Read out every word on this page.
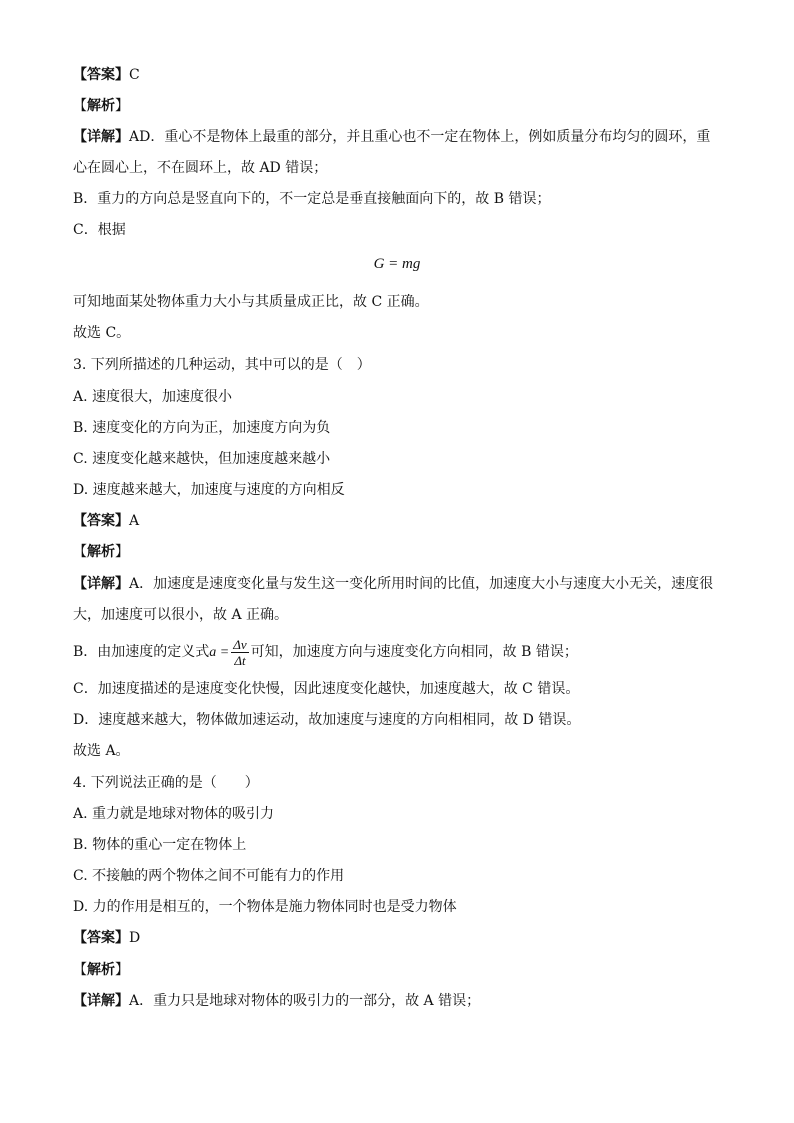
【答案】C
【解析】
【详解】AD．重心不是物体上最重的部分，并且重心也不一定在物体上，例如质量分布均匀的圆环，重
心在圆心上，不在圆环上，故 AD 错误；
B．重力的方向总是竖直向下的，不一定总是垂直接触面向下的，故 B 错误；
C．根据
G = mg
可知地面某处物体重力大小与其质量成正比，故 C 正确。
故选 C。
3. 下列所描述的几种运动，其中可以的是（　）
A. 速度很大，加速度很小
B. 速度变化的方向为正，加速度方向为负
C. 速度变化越来越快，但加速度越来越小
D. 速度越来越大，加速度与速度的方向相反
【答案】A
【解析】
【详解】A．加速度是速度变化量与发生这一变化所用时间的比值，加速度大小与速度大小无关，速度很
大，加速度可以很小，故 A 正确。
B．由加速度的定义式$a = \frac{\Delta v}{\Delta t}$ 可知，加速度方向与速度变化方向相同，故 B 错误；
C．加速度描述的是速度变化快慢，因此速度变化越快，加速度越大，故 C 错误。
D．速度越来越大，物体做加速运动，故加速度与速度的方向相相同，故 D 错误。
故选 A。
4. 下列说法正确的是（　　）
A. 重力就是地球对物体的吸引力
B. 物体的重心一定在物体上
C. 不接触的两个物体之间不可能有力的作用
D. 力的作用是相互的，一个物体是施力物体同时也是受力物体
【答案】D
【解析】
【详解】A．重力只是地球对物体的吸引力的一部分，故 A 错误；
